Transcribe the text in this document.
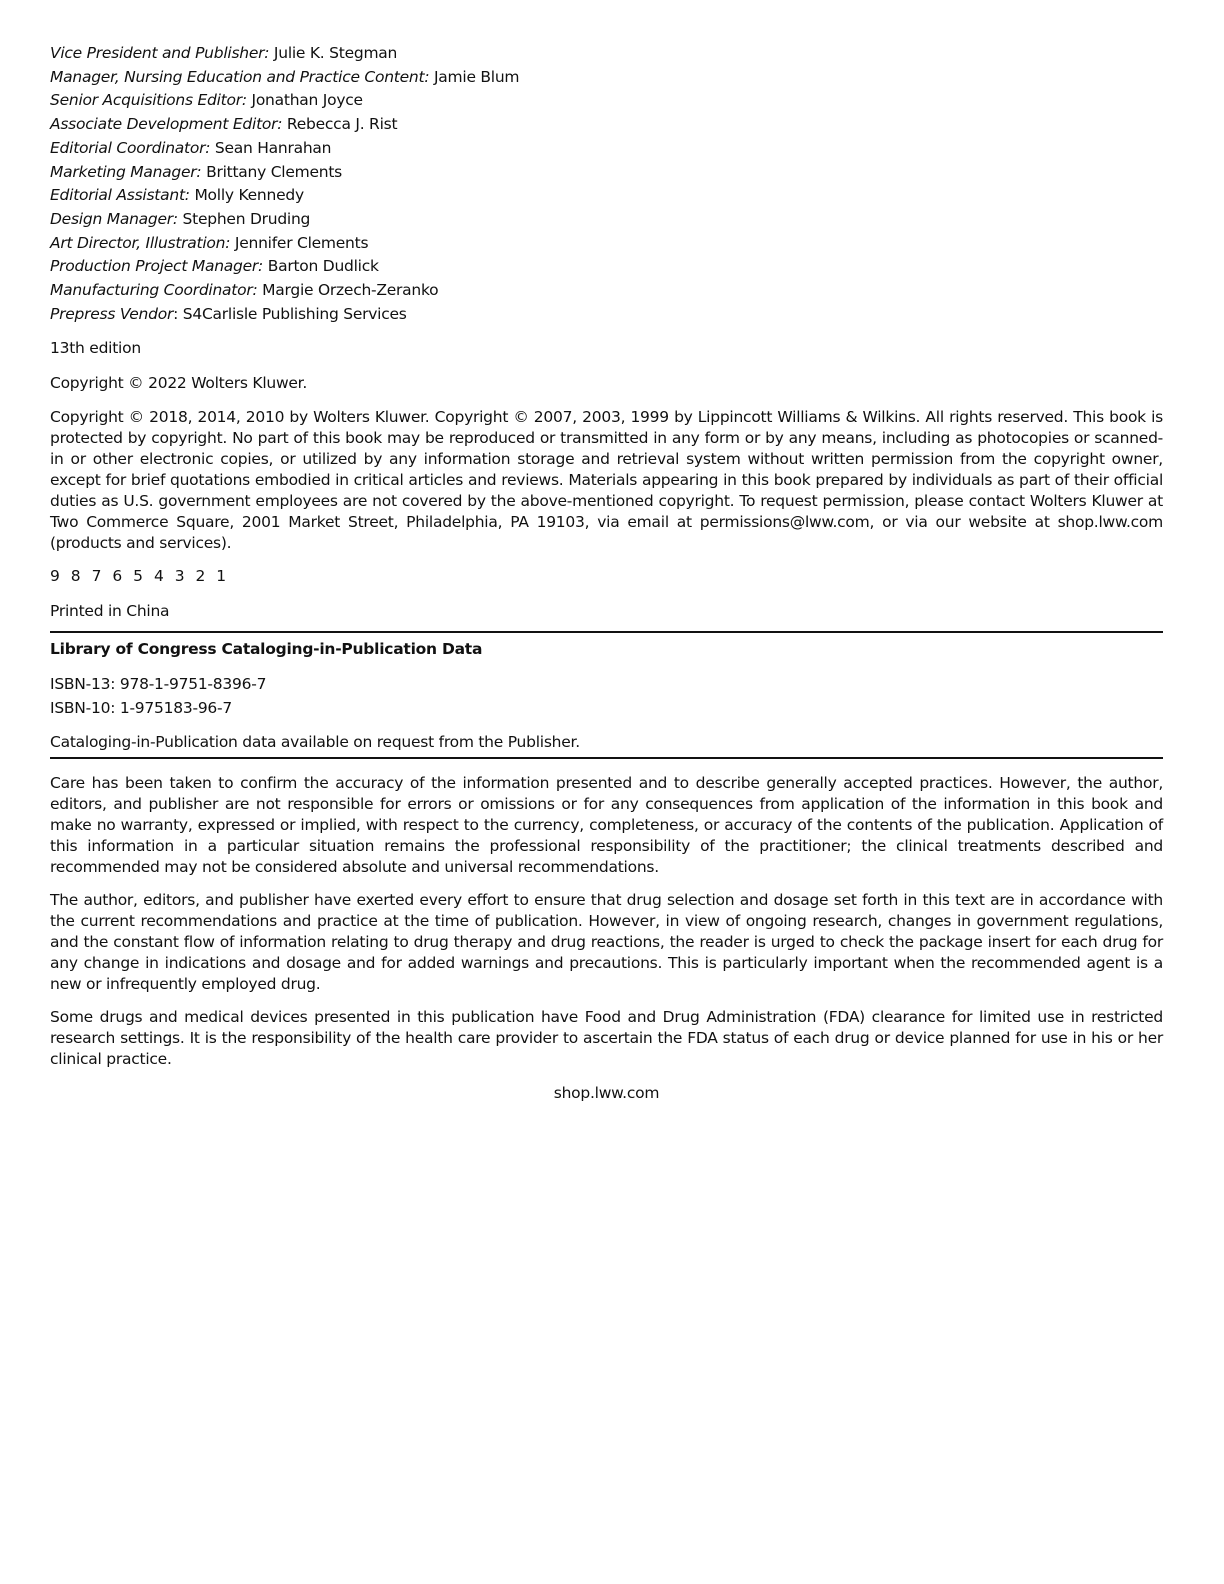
Vice President and Publisher: Julie K. Stegman
Manager, Nursing Education and Practice Content: Jamie Blum
Senior Acquisitions Editor: Jonathan Joyce
Associate Development Editor: Rebecca J. Rist
Editorial Coordinator: Sean Hanrahan
Marketing Manager: Brittany Clements
Editorial Assistant: Molly Kennedy
Design Manager: Stephen Druding
Art Director, Illustration: Jennifer Clements
Production Project Manager: Barton Dudlick
Manufacturing Coordinator: Margie Orzech-Zeranko
Prepress Vendor: S4Carlisle Publishing Services

13th edition

Copyright © 2022 Wolters Kluwer.

Copyright © 2018, 2014, 2010 by Wolters Kluwer. Copyright © 2007, 2003, 1999 by Lippincott Williams & Wilkins. All rights reserved. This book is protected by copyright. No part of this book may be reproduced or transmitted in any form or by any means, including as photocopies or scanned-in or other electronic copies, or utilized by any information storage and retrieval system without written permission from the copyright owner, except for brief quotations embodied in critical articles and reviews. Materials appearing in this book prepared by individuals as part of their official duties as U.S. government employees are not covered by the above-mentioned copyright. To request permission, please contact Wolters Kluwer at Two Commerce Square, 2001 Market Street, Philadelphia, PA 19103, via email at permissions@lww.com, or via our website at shop.lww.com (products and services).

9 8 7 6 5 4 3 2 1

Printed in China

Library of Congress Cataloging-in-Publication Data

ISBN-13: 978-1-9751-8396-7

ISBN-10: 1-975183-96-7

Cataloging-in-Publication data available on request from the Publisher.

Care has been taken to confirm the accuracy of the information presented and to describe generally accepted practices. However, the author, editors, and publisher are not responsible for errors or omissions or for any consequences from application of the information in this book and make no warranty, expressed or implied, with respect to the currency, completeness, or accuracy of the contents of the publication. Application of this information in a particular situation remains the professional responsibility of the practitioner; the clinical treatments described and recommended may not be considered absolute and universal recommendations.

The author, editors, and publisher have exerted every effort to ensure that drug selection and dosage set forth in this text are in accordance with the current recommendations and practice at the time of publication. However, in view of ongoing research, changes in government regulations, and the constant flow of information relating to drug therapy and drug reactions, the reader is urged to check the package insert for each drug for any change in indications and dosage and for added warnings and precautions. This is particularly important when the recommended agent is a new or infrequently employed drug.

Some drugs and medical devices presented in this publication have Food and Drug Administration (FDA) clearance for limited use in restricted research settings. It is the responsibility of the health care provider to ascertain the FDA status of each drug or device planned for use in his or her clinical practice.

shop.lww.com
